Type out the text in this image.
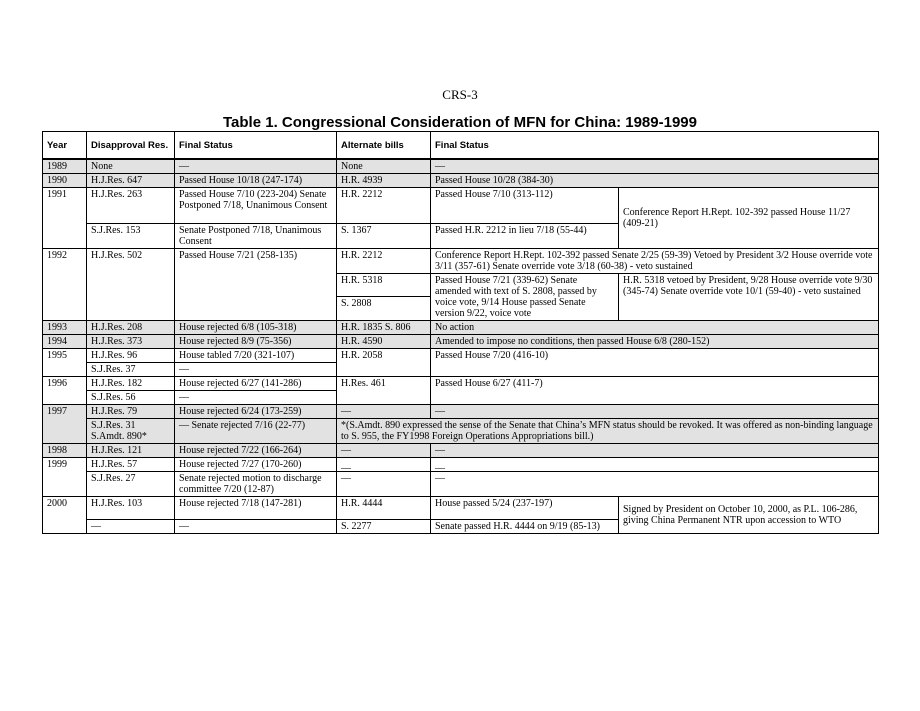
CRS-3
Table 1. Congressional Consideration of MFN for China: 1989-1999
Year	Disapproval Res.	Final Status	Alternate bills	Final Status	
1989	None	—	None	—	
1990	H.J.Res. 647	Passed House 10/18 (247-174)	H.R. 4939	Passed House 10/28 (384-30)	
1991	H.J.Res. 263	Passed House 7/10 (223-204) Senate Postponed 7/18, Unanimous Consent	H.R. 2212	Passed House 7/10 (313-112)	Conference Report H.Rept. 102-392 passed House 11/27 (409-21)
	S.J.Res. 153	Senate Postponed 7/18, Unanimous Consent	S. 1367	Passed H.R. 2212 in lieu 7/18 (55-44)	
1992	H.J.Res. 502	Passed House 7/21 (258-135)	H.R. 2212	Conference Report H.Rept. 102-392 passed Senate 2/25 (59-39) Vetoed by President 3/2 House override vote 3/11 (357-61) Senate override vote 3/18 (60-38) - veto sustained	
			H.R. 5318	Passed House 7/21 (339-62) Senate amended with text of S. 2808, passed by voice vote, 9/14 House passed Senate version 9/22, voice vote	H.R. 5318 vetoed by President, 9/28 House override vote 9/30 (345-74) Senate override vote 10/1 (59-40) - veto sustained
			S. 2808		
1993	H.J.Res. 208	House rejected 6/8 (105-318)	H.R. 1835 S. 806	No action	
1994	H.J.Res. 373	House rejected 8/9 (75-356)	H.R. 4590	Amended to impose no conditions, then passed House 6/8 (280-152)	
1995	H.J.Res. 96	House tabled 7/20 (321-107)	H.R. 2058	Passed House 7/20 (416-10)	
	S.J.Res. 37	—			
1996	H.J.Res. 182	House rejected 6/27 (141-286)	H.Res. 461	Passed House 6/27 (411-7)	
	S.J.Res. 56	—			
1997	H.J.Res. 79	House rejected 6/24 (173-259)	—	—	
	S.J.Res. 31 S.Amdt. 890*	— Senate rejected 7/16 (22-77)	*(S.Amdt. 890 expressed the sense of the Senate that China’s MFN status should be revoked. It was offered as non-binding language to S. 955, the FY1998 Foreign Operations Appropriations bill.)		
1998	H.J.Res. 121	House rejected 7/22 (166-264)	—	—	
1999	H.J.Res. 57	House rejected 7/27 (170-260)	__	__	
	S.J.Res. 27	Senate rejected motion to discharge committee 7/20 (12-87)	—	—	
2000	H.J.Res. 103	House rejected 7/18 (147-281)	H.R. 4444	House passed 5/24 (237-197)	Signed by President on October 10, 2000, as P.L. 106-286, giving China Permanent NTR upon accession to WTO
	—	—	S. 2277	Senate passed H.R. 4444 on 9/19 (85-13)	
